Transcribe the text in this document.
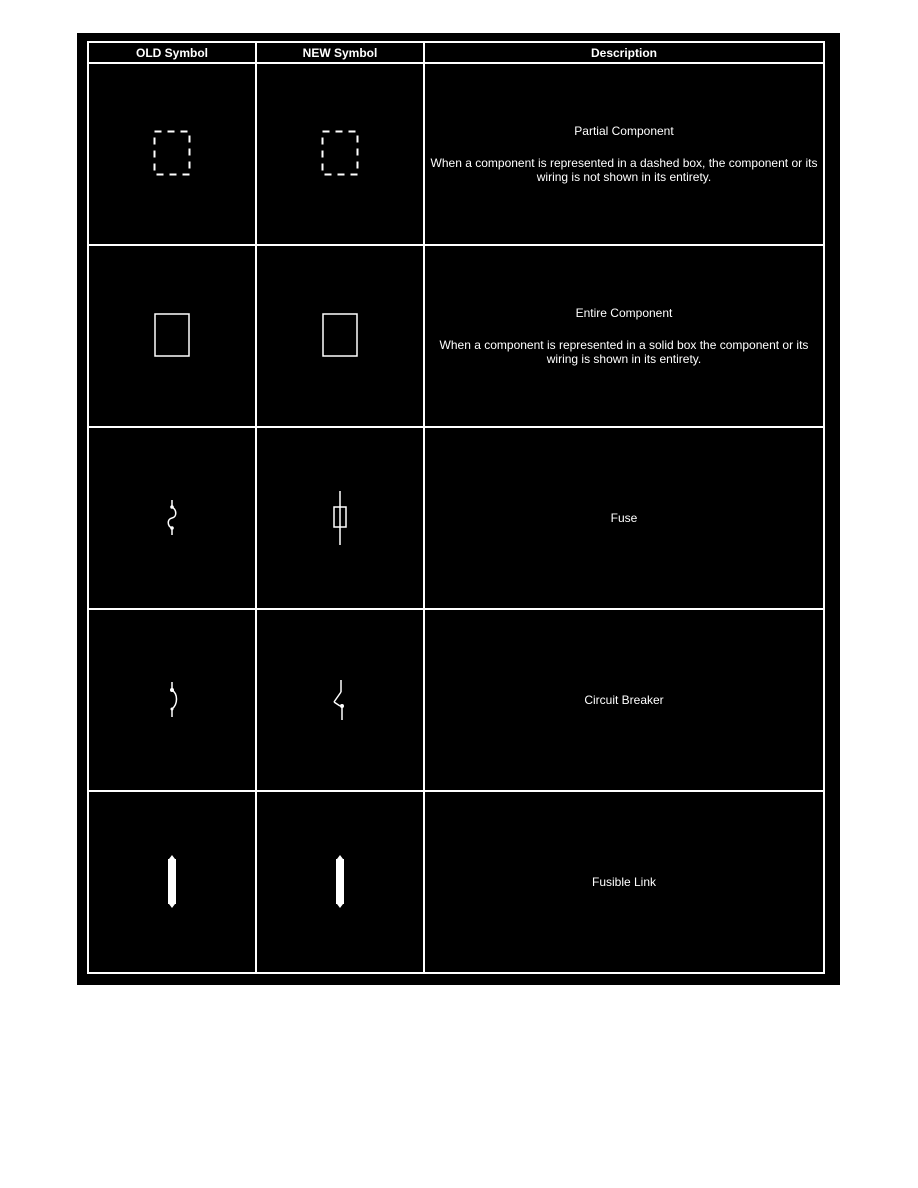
OLD Symbol	NEW Symbol	Description

Partial Component
When a component is represented in a dashed box, the component or its wiring is not shown in its entirety.

Entire Component
When a component is represented in a solid box the component or its wiring is shown in its entirety.

Fuse

Circuit Breaker

Fusible Link
